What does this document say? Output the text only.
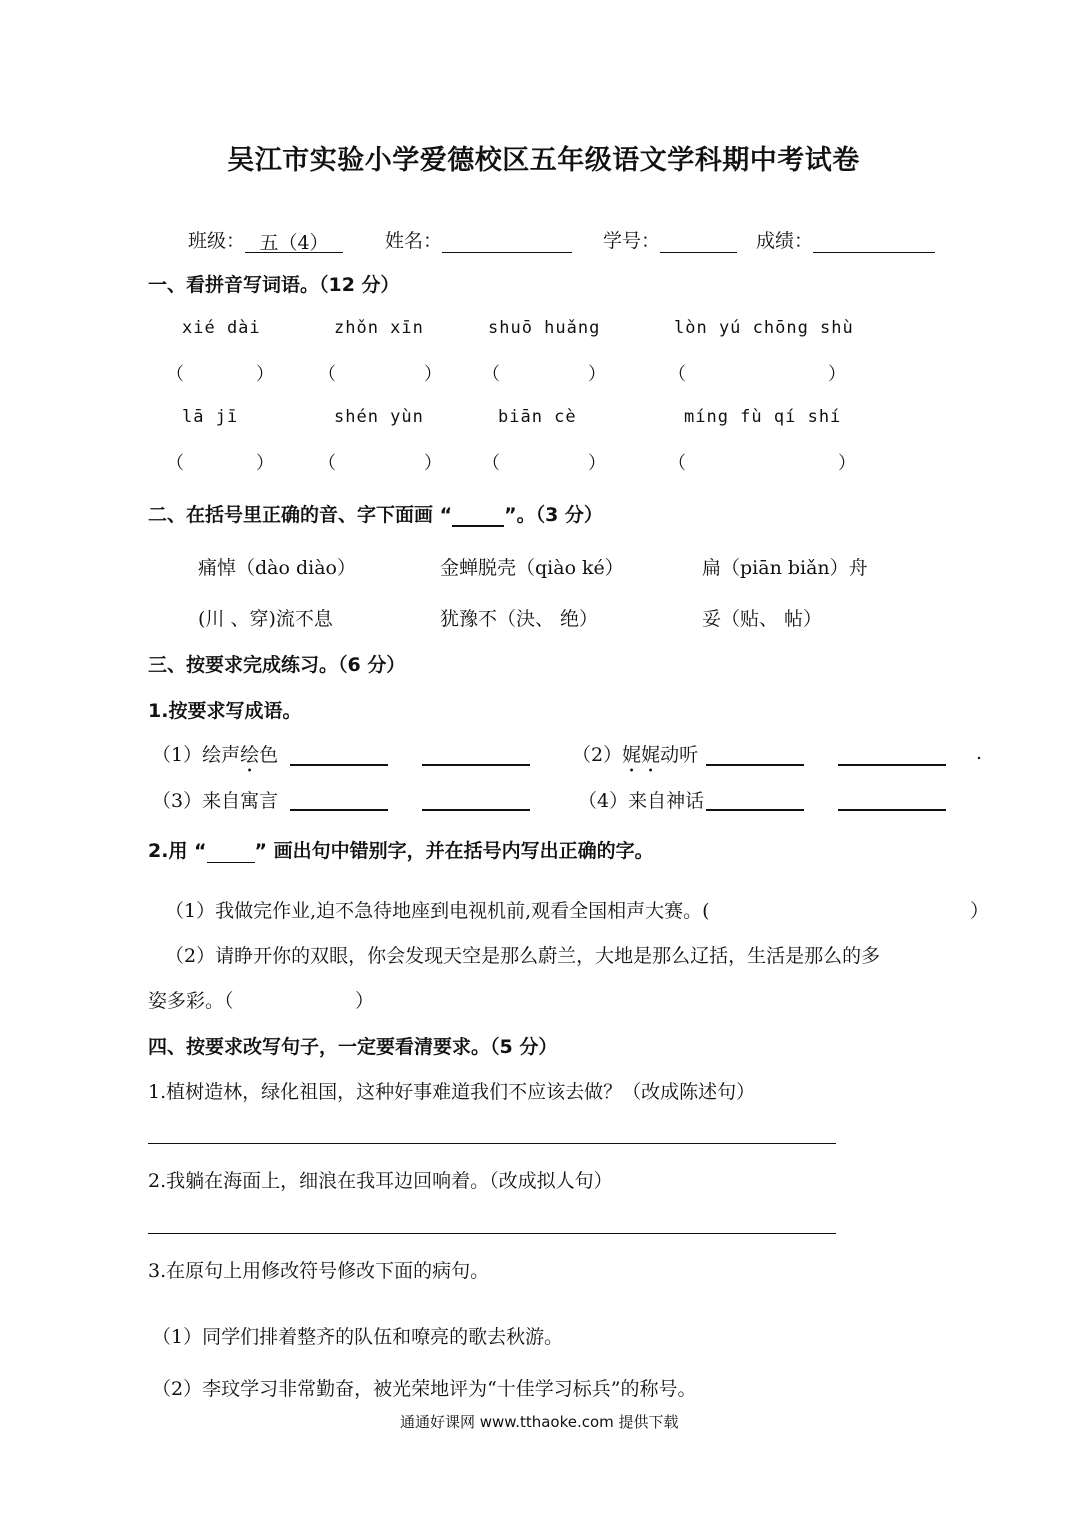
吴江市实验小学爱德校区五年级语文学科期中考试卷
班级： 五（4）	姓名：	学号：	成绩：
一、看拼音写词语。（12 分）
xié dài	zhǒn xīn	shuō huǎng	lòn yú chōng shù
（	） （	） （	）	（	）
lā jī	shén yùn	biān cè	míng fù qí shí
（	） （	） （	）	（	）
二、在括号里正确的音、字下面画 “	”。（3 分）
痛悼（dào diào）	金蝉脱壳（qiào ké）	扁（piān biǎn）舟
(川 、穿)流不息	犹豫不（決、 绝）	妥（贴、 帖）
三、按要求完成练习。（6 分）
1.按要求写成语。
（1）绘声绘色	（2）娓娓动听	.
（3）来自寓言	（4）来自神话
2.用 “	” 画出句中错别字，并在括号内写出正确的字。
（1）我做完作业,迫不急待地座到电视机前,观看全国相声大赛。(	）
（2）请睁开你的双眼，你会发现天空是那么蔚兰，大地是那么辽括，生活是那么的多
姿多彩。（	）
四、按要求改写句子，一定要看清要求。（5 分）
1.植树造林，绿化祖国，这种好事难道我们不应该去做？（改成陈述句）
2.我躺在海面上，细浪在我耳边回响着。（改成拟人句）
3.在原句上用修改符号修改下面的病句。
（1）同学们排着整齐的队伍和嘹亮的歌去秋游。
（2）李玟学习非常勤奋，被光荣地评为“十佳学习标兵”的称号。
通通好课网 www.tthaoke.com 提供下载
